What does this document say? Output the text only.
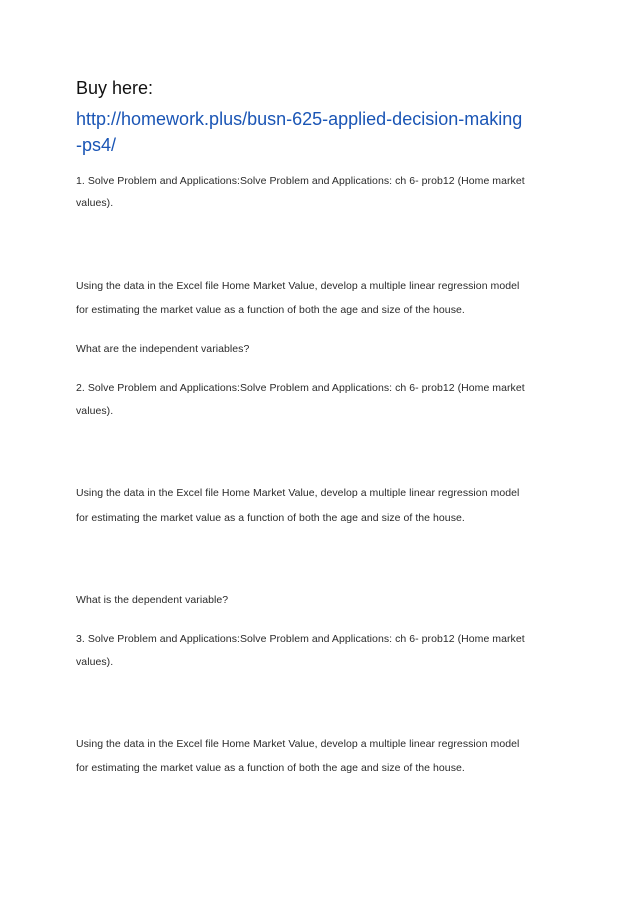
Buy here:
http://homework.plus/busn-625-applied-decision-making
-ps4/
1. Solve Problem and Applications:Solve Problem and Applications: ch 6- prob12 (Home market
values).
Using the data in the Excel file Home Market Value, develop a multiple linear regression model
for estimating the market value as a function of both the age and size of the house.
What are the independent variables?
2. Solve Problem and Applications:Solve Problem and Applications: ch 6- prob12 (Home market
values).
Using the data in the Excel file Home Market Value, develop a multiple linear regression model
for estimating the market value as a function of both the age and size of the house.
What is the dependent variable?
3. Solve Problem and Applications:Solve Problem and Applications: ch 6- prob12 (Home market
values).
Using the data in the Excel file Home Market Value, develop a multiple linear regression model
for estimating the market value as a function of both the age and size of the house.
